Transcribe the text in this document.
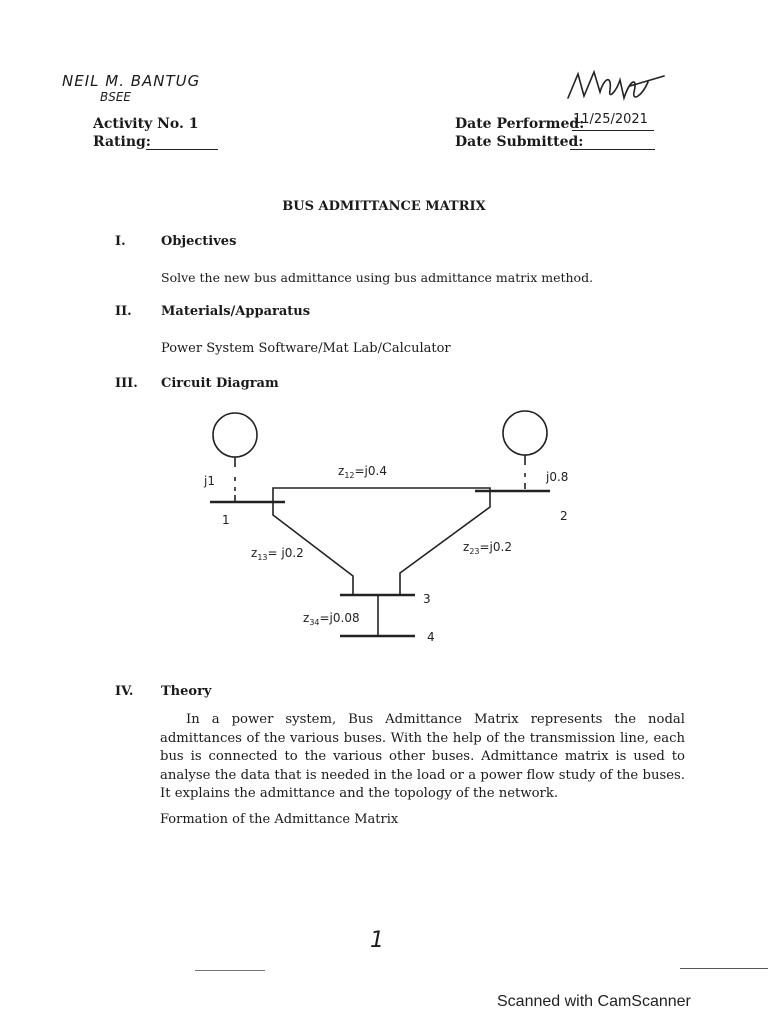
NEIL M. BANTUG
BSEE
Activity No. 1
Rating:
Date Performed:
11/25/2021
Date Submitted:
BUS ADMITTANCE MATRIX
I.	Objectives
Solve the new bus admittance using bus admittance matrix method.
II. Materials/Apparatus
Power System Software/Mat Lab/Calculator
III. Circuit Diagram
j1	j0.8
1	2
3
4
$z_{12}=j0.4$
$z_{13}= j0.2$	$z_{23}=j0.2$
$z_{34}=j0.08$
IV. Theory
In a power system, Bus Admittance Matrix represents the nodal admittances of the various buses. With the help of the transmission line, each bus is connected to the various other buses. Admittance matrix is used to analyse the data that is needed in the load or a power flow study of the buses. It explains the admittance and the topology of the network.
Formation of the Admittance Matrix
1
Scanned with CamScanner
